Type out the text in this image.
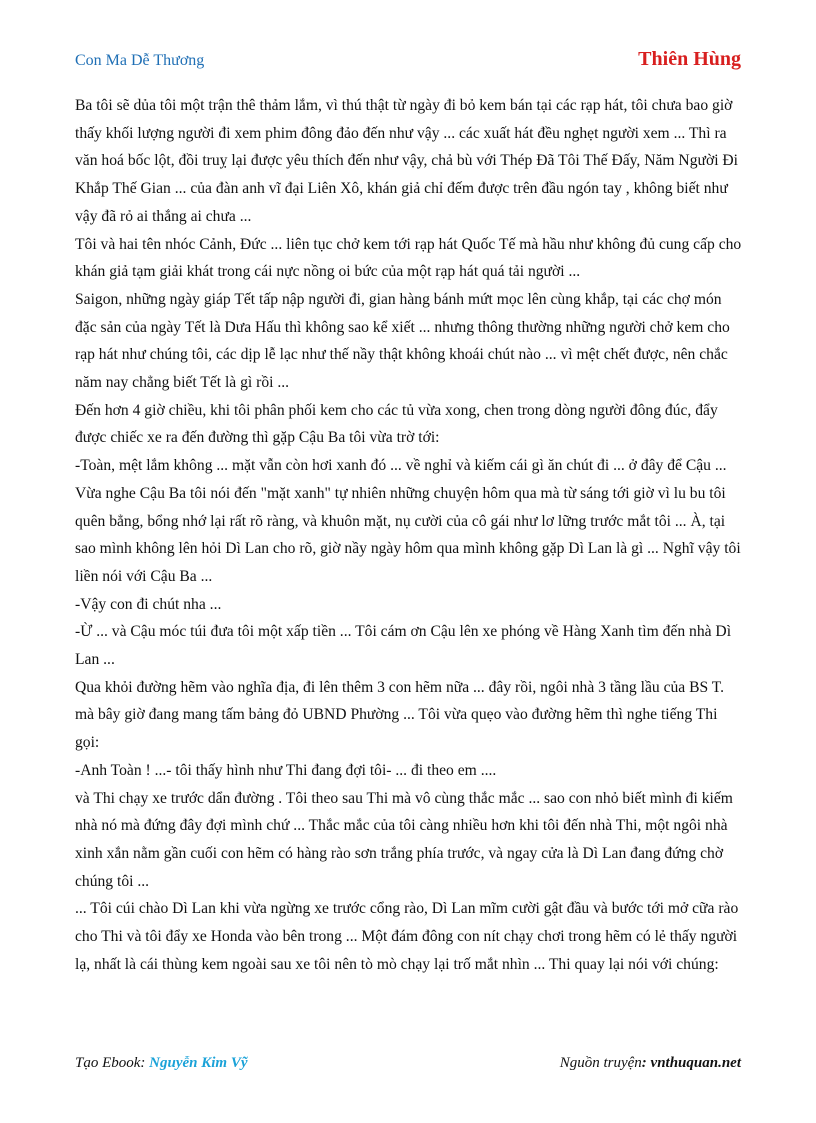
Con Ma Dễ Thương	Thiên Hùng

Ba tôi sẽ dủa tôi một trận thê thảm lắm, vì thú thật từ ngày đi bỏ kem bán tại các rạp hát, tôi chưa bao giờ thấy khối lượng người đi xem phim đông đảo đến như vậy ... các xuất hát đều nghẹt người xem ... Thì ra văn hoá bốc lột, đồi truỵ lại được yêu thích đến như vậy, chả bù với Thép Đã Tôi Thế Đấy, Năm Người Đi Khắp Thế Gian ... của đàn anh vĩ đại Liên Xô, khán giả chỉ đếm được trên đầu ngón tay , không biết như vậy đã rỏ ai thắng ai chưa ...

Tôi và hai tên nhóc Cảnh, Đức ... liên tục chở kem tới rạp hát Quốc Tế mà hầu như không đủ cung cấp cho khán giả tạm giải khát trong cái nực nồng oi bức của một rạp hát quá tải người ...

Saigon, những ngày giáp Tết tấp nập người đi, gian hàng bánh mứt mọc lên cùng khắp, tại các chợ món đặc sản của ngày Tết là Dưa Hấu thì không sao kể xiết ... nhưng thông thường những người chở kem cho rạp hát như chúng tôi, các dịp lễ lạc như thế nầy thật không khoái chút nào ... vì mệt chết được, nên chắc năm nay chẳng biết Tết là gì rồi ...

Đến hơn 4 giờ chiều, khi tôi phân phối kem cho các tủ vừa xong, chen trong dòng người đông đúc, đẩy được chiếc xe ra đến đường thì gặp Cậu Ba tôi vừa trờ tới:

-Toàn, mệt lắm không ... mặt vẫn còn hơi xanh đó ... về nghỉ và kiếm cái gì ăn chút đi ... ở đây để Cậu ...

Vừa nghe Cậu Ba tôi nói đến "mặt xanh" tự nhiên những chuyện hôm qua mà từ sáng tới giờ vì lu bu tôi quên bẳng, bổng nhớ lại rất rõ ràng, và khuôn mặt, nụ cười của cô gái như lơ lững trước mắt tôi ... À, tại sao mình không lên hỏi Dì Lan cho rõ, giờ nầy ngày hôm qua mình không gặp Dì Lan là gì ... Nghĩ vậy tôi liền nói với Cậu Ba ...

-Vậy con đi chút nha ...

-Ừ ... và Cậu móc túi đưa tôi một xấp tiền ... Tôi cám ơn Cậu lên xe phóng về Hàng Xanh tìm đến nhà Dì Lan ...

Qua khỏi đường hẽm vào nghĩa địa, đi lên thêm 3 con hẽm nữa ... đây rồi, ngôi nhà 3 tầng lầu của BS T. mà bây giờ đang mang tấm bảng đỏ UBND Phường ... Tôi vừa quẹo vào đường hẽm thì nghe tiếng Thi gọi:

-Anh Toàn ! ...- tôi thấy hình như Thi đang đợi tôi- ... đi theo em ....

và Thi chạy xe trước dẩn đường . Tôi theo sau Thi mà vô cùng thắc mắc ... sao con nhỏ biết mình đi kiếm nhà nó mà đứng đây đợi mình chứ ... Thắc mắc của tôi càng nhiều hơn khi tôi đến nhà Thi, một ngôi nhà xinh xắn nằm gần cuối con hẽm có hàng rào sơn trắng phía trước, và ngay cửa là Dì Lan đang đứng chờ chúng tôi ...

... Tôi cúi chào Dì Lan khi vừa ngừng xe trước cổng rào, Dì Lan mĩm cười gật đầu và bước tới mở cữa rào cho Thi và tôi đẩy xe Honda vào bên trong ... Một đám đông con nít chạy chơi trong hẽm có lẻ thấy người lạ, nhất là cái thùng kem ngoài sau xe tôi nên tò mò chạy lại trố mắt nhìn ... Thi quay lại nói với chúng:

Tạo Ebook: Nguyễn Kim Vỹ	Nguồn truyện: vnthuquan.net
